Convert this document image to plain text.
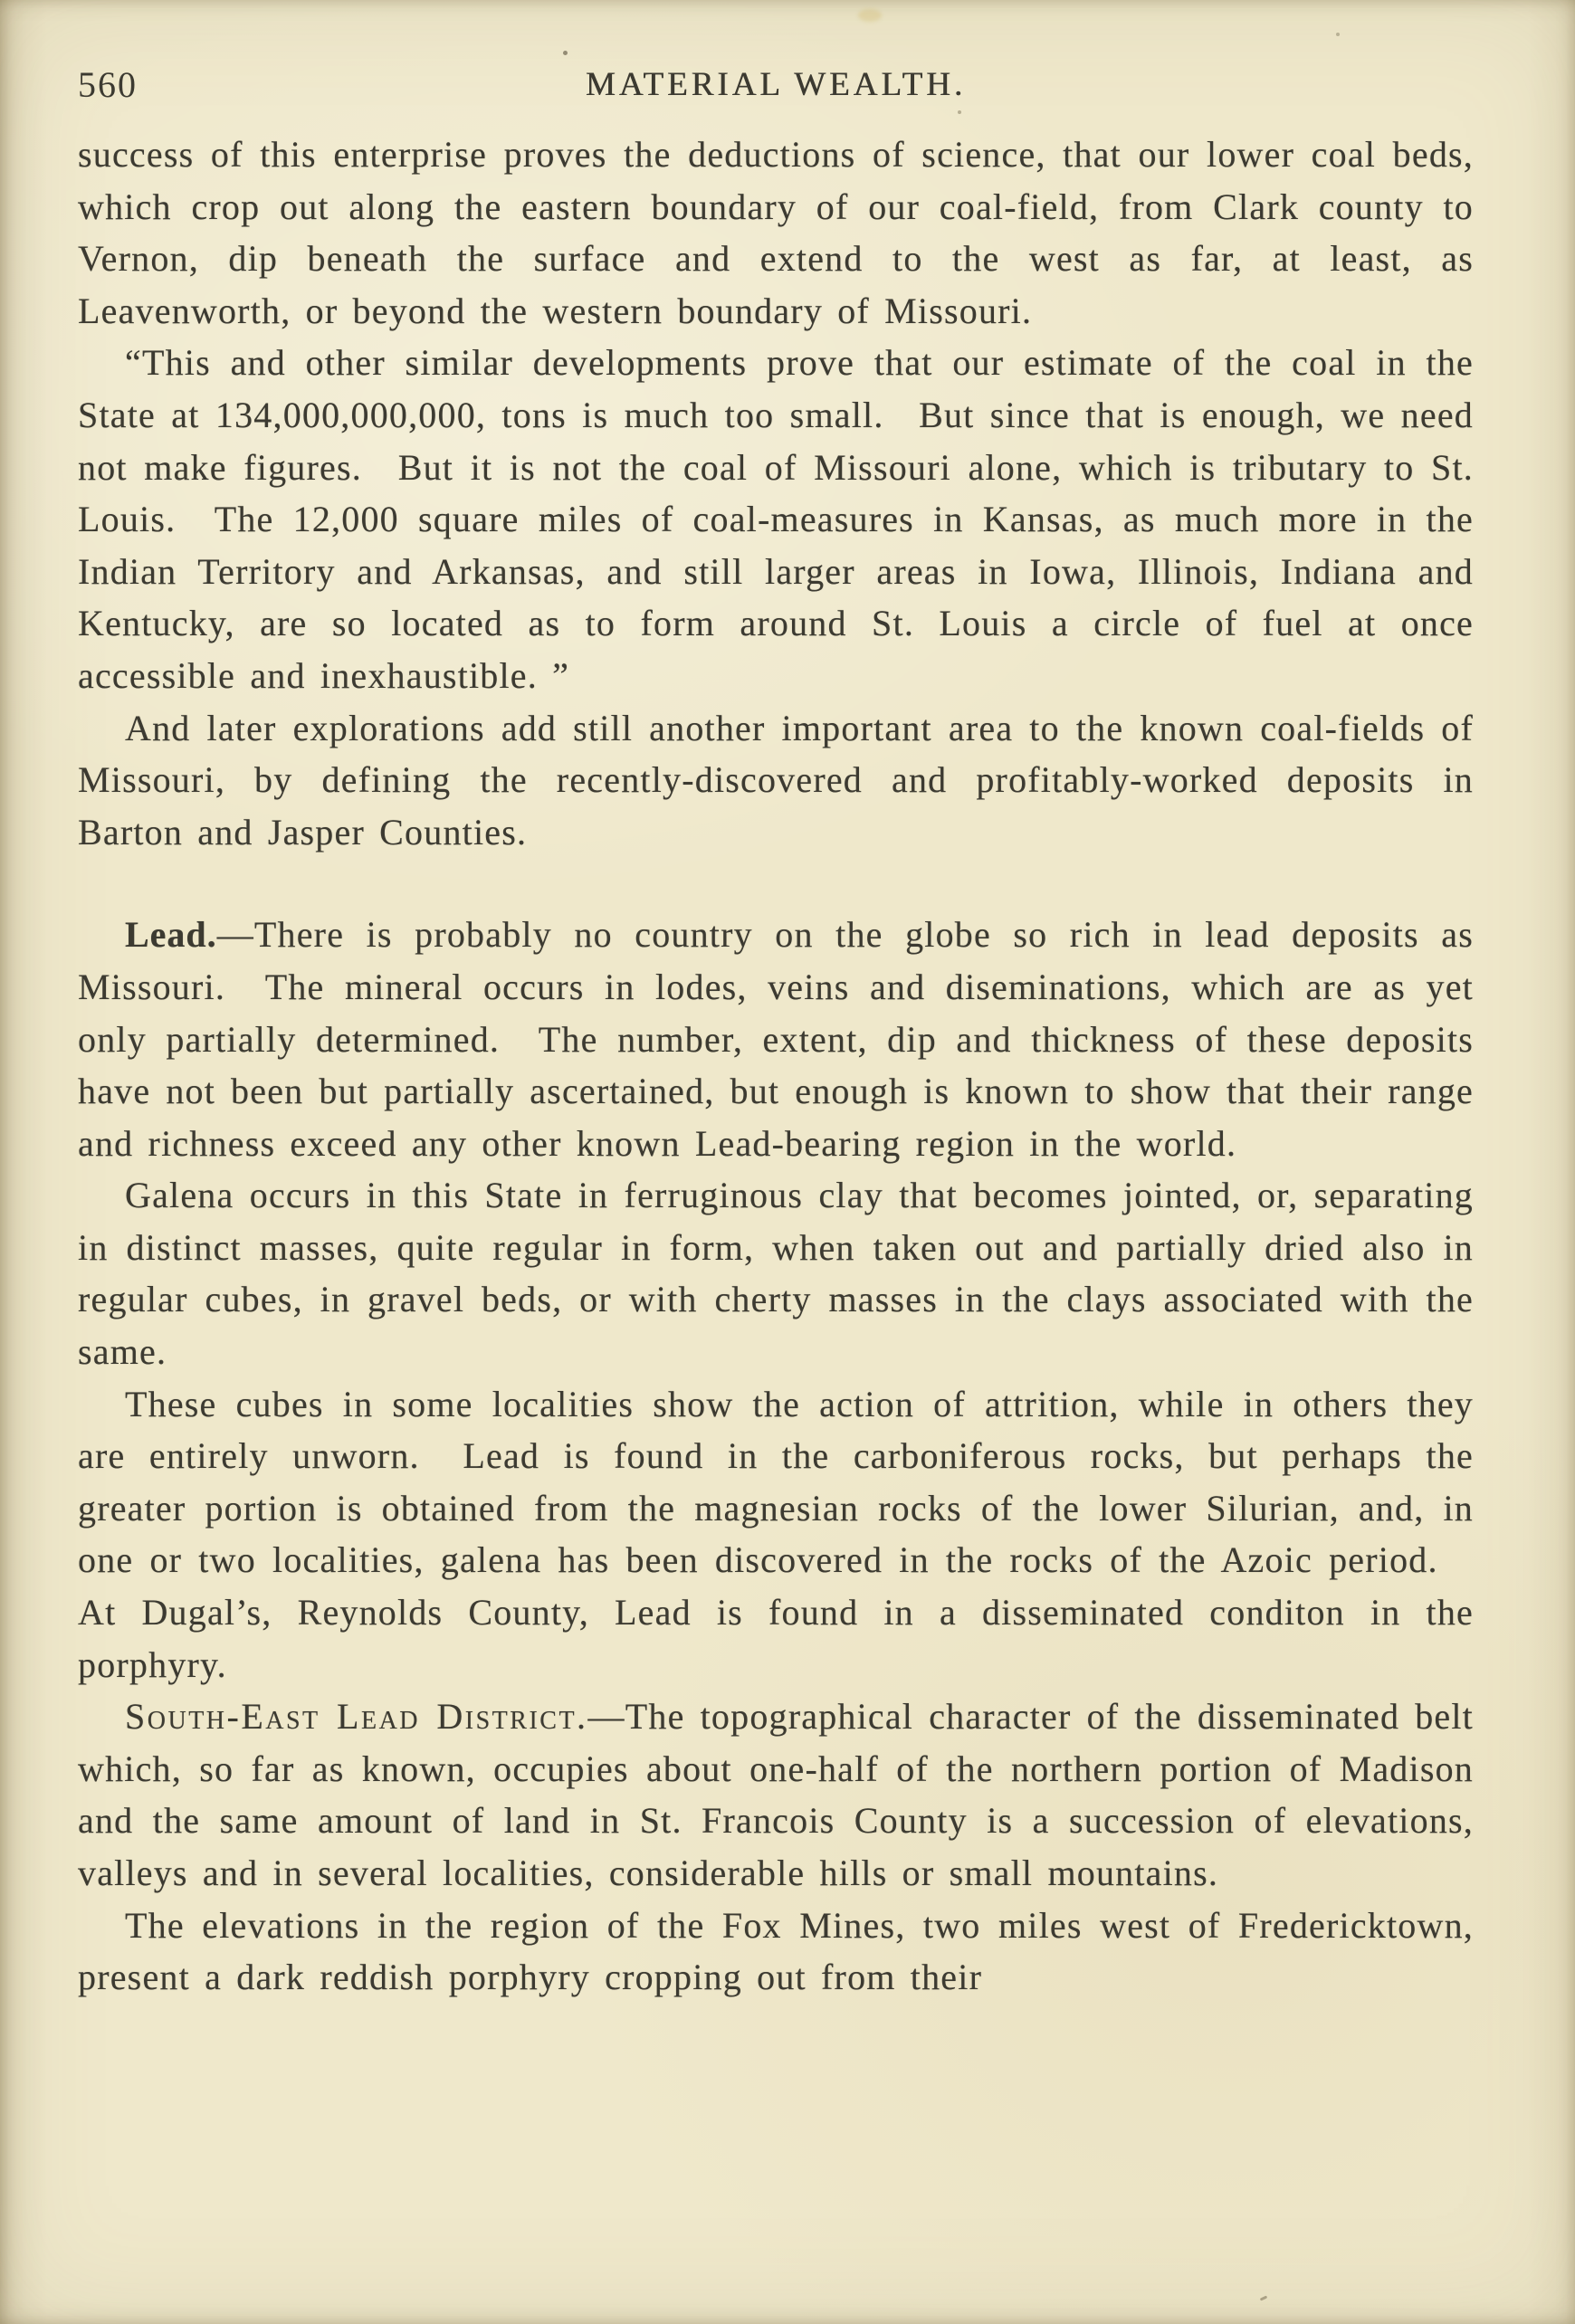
560	MATERIAL WEALTH.

success of this enterprise proves the deductions of science, that our lower coal beds, which crop out along the eastern boundary of our coal-field, from Clark county to Vernon, dip beneath the surface and extend to the west as far, at least, as Leavenworth, or beyond the western boundary of Missouri.

“This and other similar developments prove that our estimate of the coal in the State at 134,000,000,000, tons is much too small.  But since that is enough, we need not make figures.  But it is not the coal of Missouri alone, which is tributary to St. Louis.  The 12,000 square miles of coal-measures in Kansas, as much more in the Indian Territory and Arkansas, and still larger areas in Iowa, Illinois, Indiana and Kentucky, are so located as to form around St. Louis a circle of fuel at once accessible and inexhaustible. ”

And later explorations add still another important area to the known coal-fields of Missouri, by defining the recently-discovered and profitably-worked deposits in Barton and Jasper Counties.

Lead.—There is probably no country on the globe so rich in lead deposits as Missouri.  The mineral occurs in lodes, veins and diseminations, which are as yet only partially determined.  The number, extent, dip and thickness of these deposits have not been but partially ascertained, but enough is known to show that their range and richness exceed any other known Lead-bearing region in the world.

Galena occurs in this State in ferruginous clay that becomes jointed, or, separating in distinct masses, quite regular in form, when taken out and partially dried also in regular cubes, in gravel beds, or with cherty masses in the clays associated with the same.

These cubes in some localities show the action of attrition, while in others they are entirely unworn.  Lead is found in the carboniferous rocks, but perhaps the greater portion is obtained from the magnesian rocks of the lower Silurian, and, in one or two localities, galena has been discovered in the rocks of the Azoic period.  At Dugal’s, Reynolds County, Lead is found in a disseminated conditon in the porphyry.

South-East Lead District.—The topographical character of the disseminated belt which, so far as known, occupies about one-half of the northern portion of Madison and the same amount of land in St. Francois County is a succession of elevations, valleys and in several localities, considerable hills or small mountains.

The elevations in the region of the Fox Mines, two miles west of Fredericktown, present a dark reddish porphyry cropping out from their
